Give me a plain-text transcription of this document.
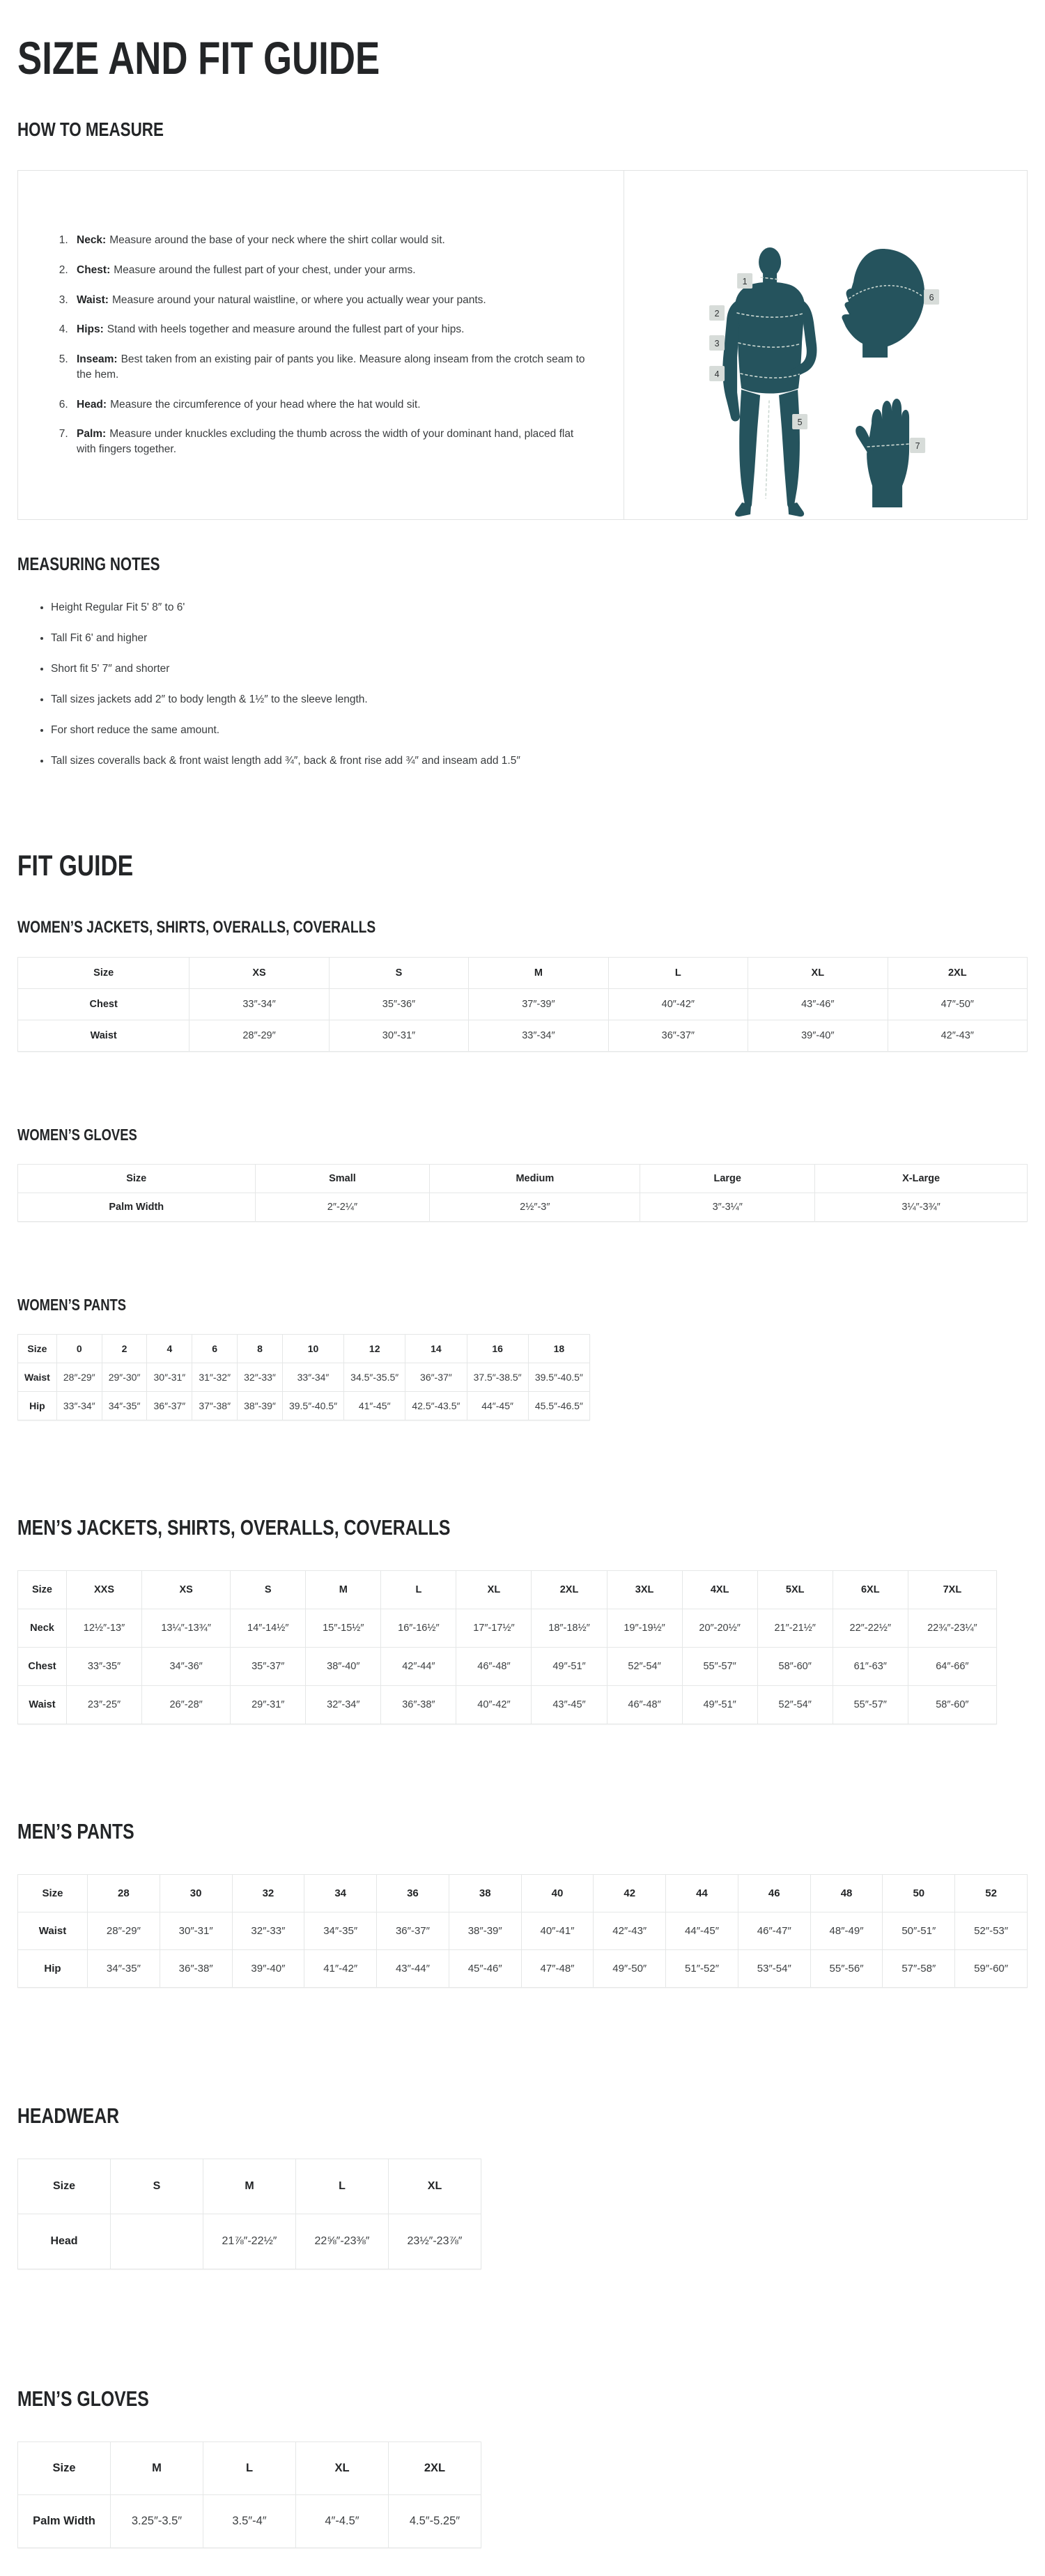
SIZE AND FIT GUIDE
HOW TO MEASURE
1. Neck: Measure around the base of your neck where the shirt collar would sit.
2. Chest: Measure around the fullest part of your chest, under your arms.
3. Waist: Measure around your natural waistline, or where you actually wear your pants.
4. Hips: Stand with heels together and measure around the fullest part of your hips.
5. Inseam: Best taken from an existing pair of pants you like. Measure along inseam from the crotch seam to the hem.
6. Head: Measure the circumference of your head where the hat would sit.
7. Palm: Measure under knuckles excluding the thumb across the width of your dominant hand, placed flat with fingers together.
1
2
3
4
5
6
7
MEASURING NOTES
• Height Regular Fit 5' 8″ to 6'
• Tall Fit 6' and higher
• Short fit 5' 7″ and shorter
• Tall sizes jackets add 2″ to body length & 1½″ to the sleeve length.
• For short reduce the same amount.
• Tall sizes coveralls back & front waist length add ¾″, back & front rise add ¾″ and inseam add 1.5″
FIT GUIDE
WOMEN’S JACKETS, SHIRTS, OVERALLS, COVERALLS
Size	XS	S	M	L	XL	2XL
Chest	33″-34″	35″-36″	37″-39″	40″-42″	43″-46″	47″-50″
Waist	28″-29″	30″-31″	33″-34″	36″-37″	39″-40″	42″-43″
WOMEN’S GLOVES
Size	Small	Medium	Large	X-Large
Palm Width	2″-2¼″	2½″-3″	3″-3¼″	3¼″-3¾″
WOMEN’S PANTS
Size	0	2	4	6	8	10	12	14	16	18
Waist	28″-29″	29″-30″	30″-31″	31″-32″	32″-33″	33″-34″	34.5″-35.5″	36″-37″	37.5″-38.5″	39.5″-40.5″
Hip	33″-34″	34″-35″	36″-37″	37″-38″	38″-39″	39.5″-40.5″	41″-45″	42.5″-43.5″	44″-45″	45.5″-46.5″
MEN’S JACKETS, SHIRTS, OVERALLS, COVERALLS
Size	XXS	XS	S	M	L	XL	2XL	3XL	4XL	5XL	6XL	7XL
Neck	12½″-13″	13¼″-13¾″	14″-14½″	15″-15½″	16″-16½″	17″-17½″	18″-18½″	19″-19½″	20″-20½″	21″-21½″	22″-22½″	22¾″-23¼″
Chest	33″-35″	34″-36″	35″-37″	38″-40″	42″-44″	46″-48″	49″-51″	52″-54″	55″-57″	58″-60″	61″-63″	64″-66″
Waist	23″-25″	26″-28″	29″-31″	32″-34″	36″-38″	40″-42″	43″-45″	46″-48″	49″-51″	52″-54″	55″-57″	58″-60″
MEN’S PANTS
Size	28	30	32	34	36	38	40	42	44	46	48	50	52
Waist	28″-29″	30″-31″	32″-33″	34″-35″	36″-37″	38″-39″	40″-41″	42″-43″	44″-45″	46″-47″	48″-49″	50″-51″	52″-53″
Hip	34″-35″	36″-38″	39″-40″	41″-42″	43″-44″	45″-46″	47″-48″	49″-50″	51″-52″	53″-54″	55″-56″	57″-58″	59″-60″
HEADWEAR
Size	S	M	L	XL
Head		21⅞″-22½″	22⅝″-23⅜″	23½″-23⅞″
MEN’S GLOVES
Size	M	L	XL	2XL
Palm Width	3.25″-3.5″	3.5″-4″	4″-4.5″	4.5″-5.25″
